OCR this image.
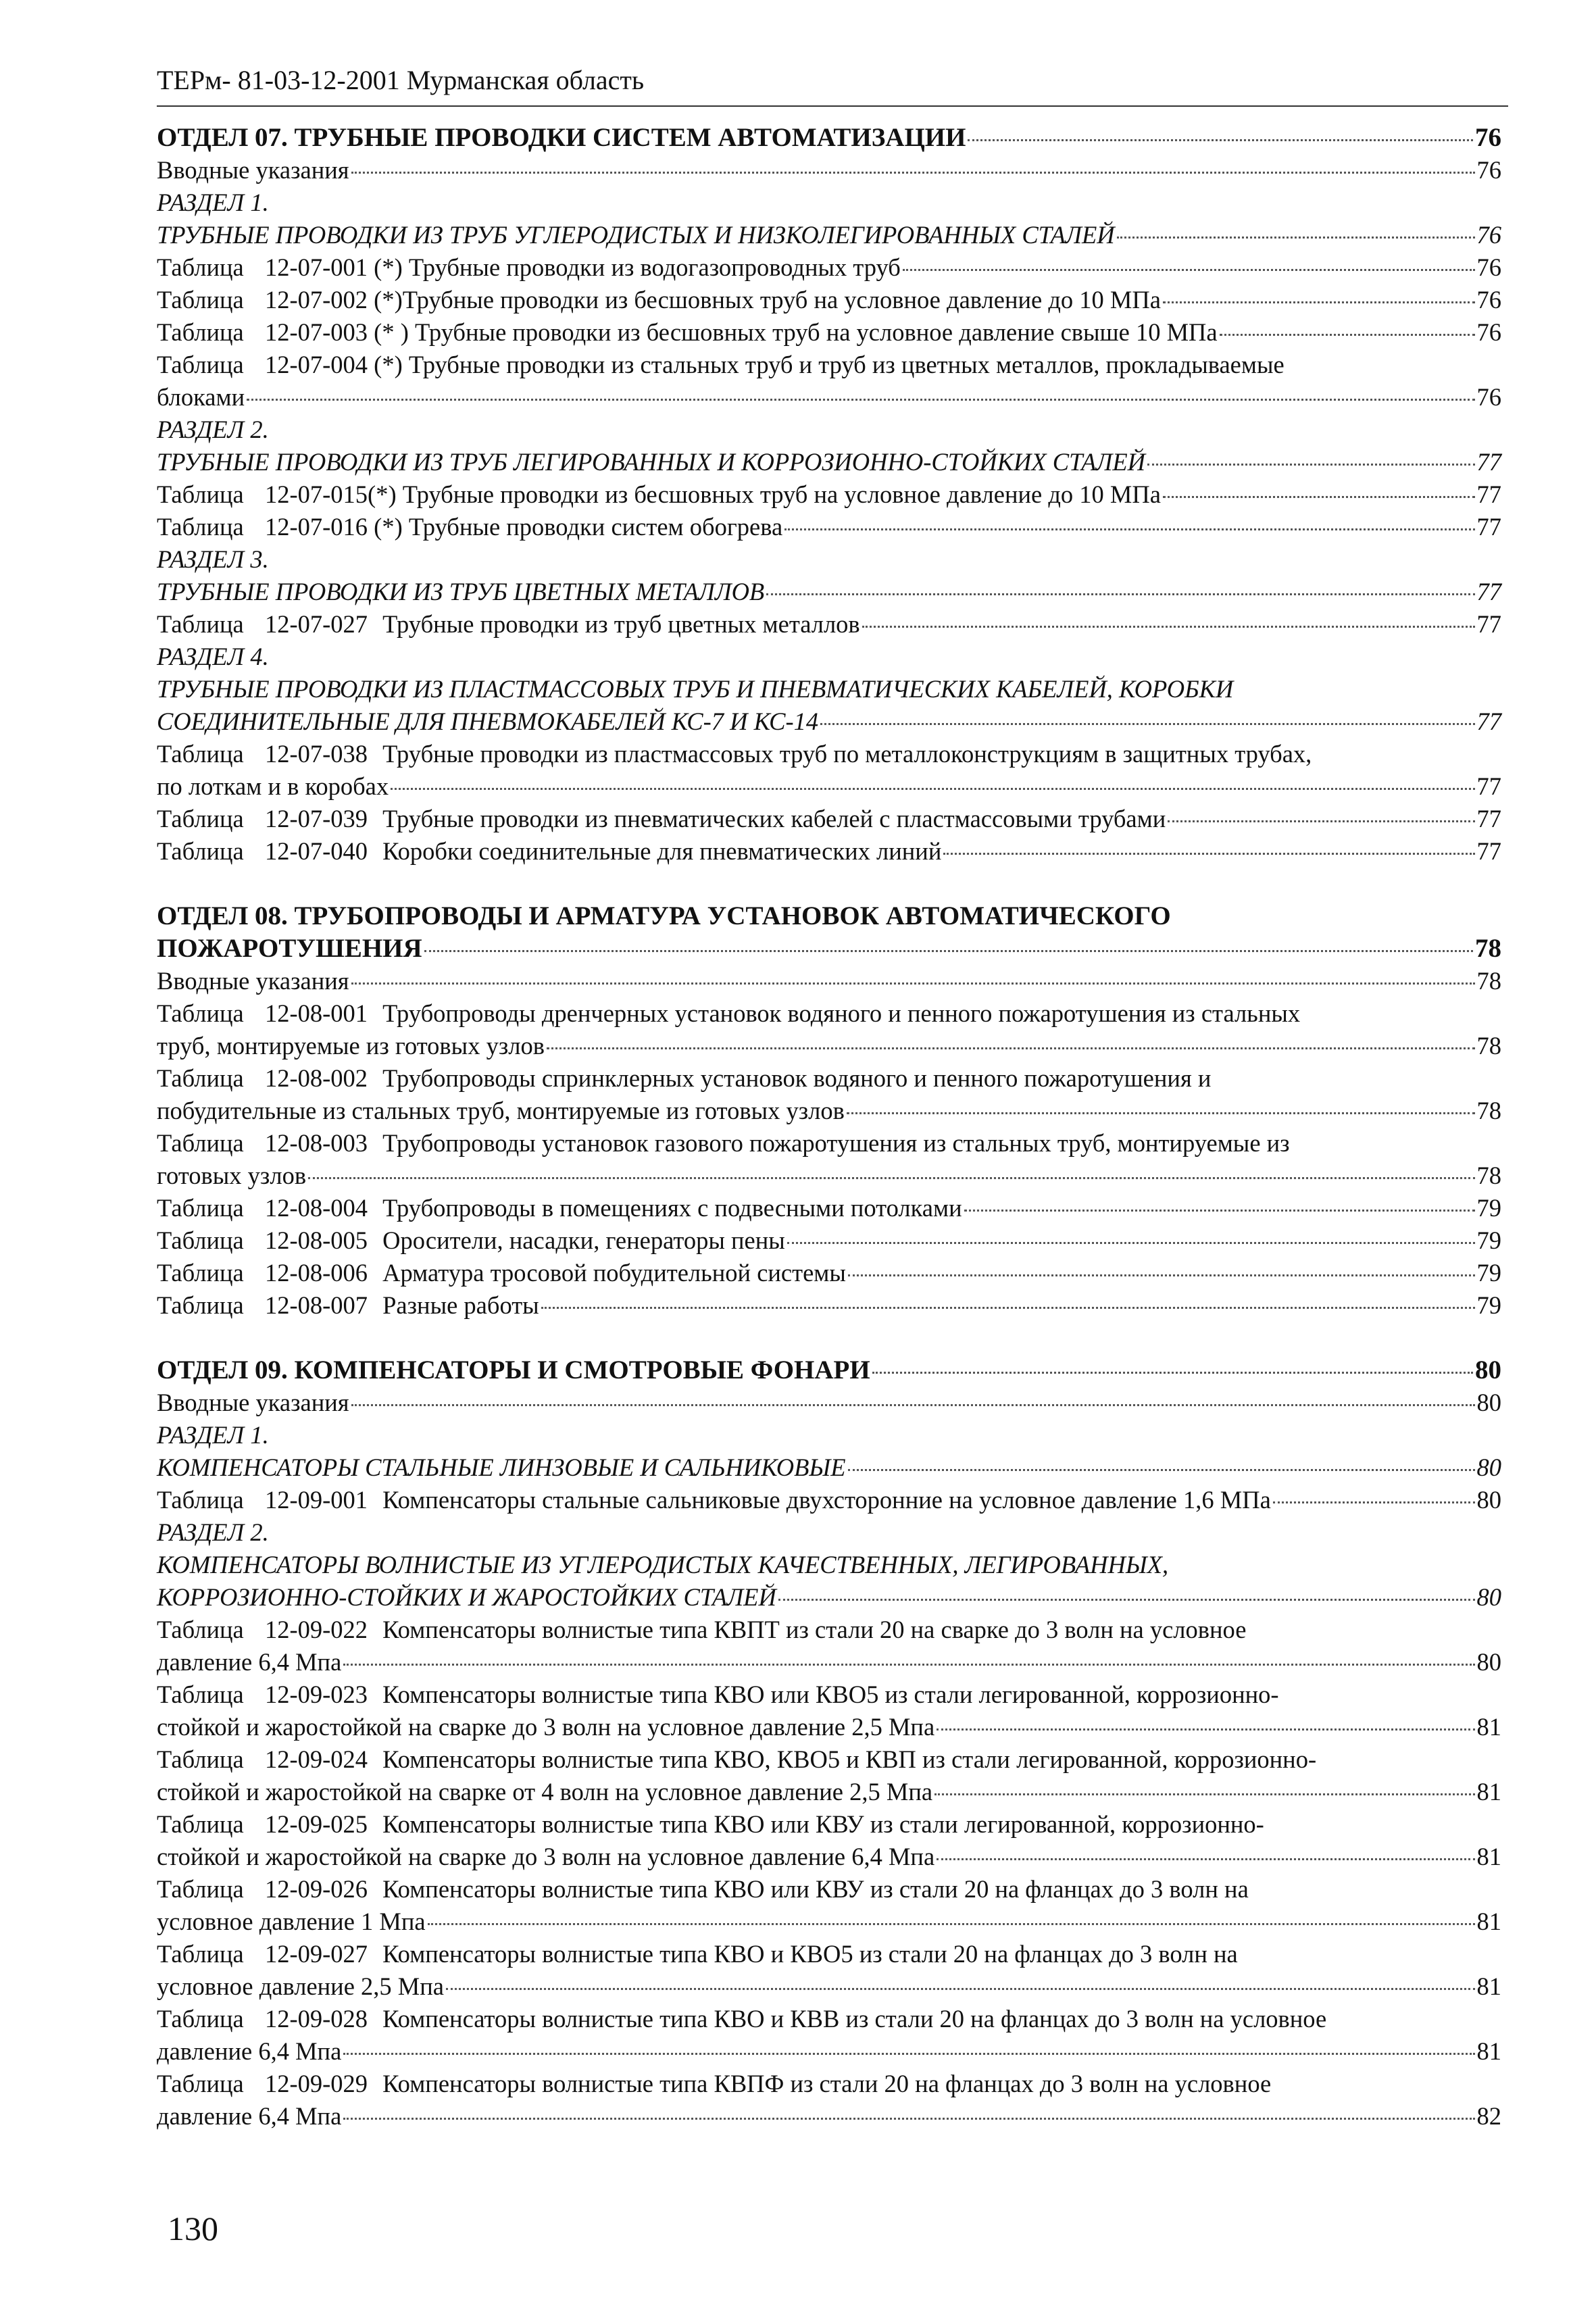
ТЕРм- 81-03-12-2001 Мурманская область
ОТДЕЛ 07. ТРУБНЫЕ ПРОВОДКИ СИСТЕМ АВТОМАТИЗАЦИИ	76
Вводные указания	76
РАЗДЕЛ 1.
ТРУБНЫЕ ПРОВОДКИ ИЗ ТРУБ УГЛЕРОДИСТЫХ И НИЗКОЛЕГИРОВАННЫХ СТАЛЕЙ	76
Таблица 12-07-001 (*) Трубные проводки из водогазопроводных труб	76
Таблица 12-07-002 (*)Трубные проводки из бесшовных труб на условное давление до 10 МПа	76
Таблица 12-07-003 (* ) Трубные проводки из бесшовных труб на условное давление свыше 10 МПа	76
Таблица 12-07-004 (*) Трубные проводки из стальных труб и труб из цветных металлов, прокладываемые
блоками	76
РАЗДЕЛ 2.
ТРУБНЫЕ ПРОВОДКИ ИЗ ТРУБ ЛЕГИРОВАННЫХ И КОРРОЗИОННО-СТОЙКИХ СТАЛЕЙ	77
Таблица 12-07-015(*) Трубные проводки из бесшовных труб на условное давление до 10 МПа	77
Таблица 12-07-016 (*) Трубные проводки систем обогрева	77
РАЗДЕЛ 3.
ТРУБНЫЕ ПРОВОДКИ ИЗ ТРУБ ЦВЕТНЫХ МЕТАЛЛОВ	77
Таблица 12-07-027 Трубные проводки из труб цветных металлов	77
РАЗДЕЛ 4.
ТРУБНЫЕ ПРОВОДКИ ИЗ ПЛАСТМАССОВЫХ ТРУБ И ПНЕВМАТИЧЕСКИХ КАБЕЛЕЙ, КОРОБКИ
СОЕДИНИТЕЛЬНЫЕ ДЛЯ ПНЕВМОКАБЕЛЕЙ КС-7 И КС-14	77
Таблица 12-07-038 Трубные проводки из пластмассовых труб по металлоконструкциям в защитных трубах,
по лоткам и в коробах	77
Таблица 12-07-039 Трубные проводки из пневматических кабелей с пластмассовыми трубами	77
Таблица 12-07-040 Коробки соединительные для пневматических линий	77
ОТДЕЛ 08. ТРУБОПРОВОДЫ И АРМАТУРА УСТАНОВОК АВТОМАТИЧЕСКОГО
ПОЖАРОТУШЕНИЯ	78
Вводные указания	78
Таблица 12-08-001 Трубопроводы дренчерных установок водяного и пенного пожаротушения из стальных
труб, монтируемые из готовых узлов	78
Таблица 12-08-002 Трубопроводы спринклерных установок водяного и пенного пожаротушения и
побудительные из стальных труб, монтируемые из готовых узлов	78
Таблица 12-08-003 Трубопроводы установок газового пожаротушения из стальных труб, монтируемые из
готовых узлов	78
Таблица 12-08-004 Трубопроводы в помещениях с подвесными потолками	79
Таблица 12-08-005 Оросители, насадки, генераторы пены	79
Таблица 12-08-006 Арматура тросовой побудительной системы	79
Таблица 12-08-007 Разные работы	79
ОТДЕЛ 09. КОМПЕНСАТОРЫ И СМОТРОВЫЕ ФОНАРИ	80
Вводные указания	80
РАЗДЕЛ 1.
КОМПЕНСАТОРЫ СТАЛЬНЫЕ ЛИНЗОВЫЕ И САЛЬНИКОВЫЕ	80
Таблица 12-09-001 Компенсаторы стальные сальниковые двухсторонние на условное давление 1,6 МПа	80
РАЗДЕЛ 2.
КОМПЕНСАТОРЫ ВОЛНИСТЫЕ ИЗ УГЛЕРОДИСТЫХ КАЧЕСТВЕННЫХ, ЛЕГИРОВАННЫХ,
КОРРОЗИОННО-СТОЙКИХ И ЖАРОСТОЙКИХ СТАЛЕЙ	80
Таблица 12-09-022 Компенсаторы волнистые типа КВПТ из стали 20 на сварке до 3 волн на условное
давление 6,4 Мпа	80
Таблица 12-09-023 Компенсаторы волнистые типа КВО или КВО5 из стали легированной, коррозионно-
стойкой и жаростойкой на сварке до 3 волн на условное давление 2,5 Мпа	81
Таблица 12-09-024 Компенсаторы волнистые типа КВО, КВО5 и КВП из стали легированной, коррозионно-
стойкой и жаростойкой на сварке от 4 волн на условное давление 2,5 Мпа	81
Таблица 12-09-025 Компенсаторы волнистые типа КВО или КВУ из стали легированной, коррозионно-
стойкой и жаростойкой на сварке до 3 волн на условное давление 6,4 Мпа	81
Таблица 12-09-026 Компенсаторы волнистые типа КВО или КВУ из стали 20 на фланцах до 3 волн на
условное давление 1 Мпа	81
Таблица 12-09-027 Компенсаторы волнистые типа КВО и КВО5 из стали 20 на фланцах до 3 волн на
условное давление 2,5 Мпа	81
Таблица 12-09-028 Компенсаторы волнистые типа КВО и КВВ из стали 20 на фланцах до 3 волн на условное
давление 6,4 Мпа	81
Таблица 12-09-029 Компенсаторы волнистые типа КВПФ из стали 20 на фланцах до 3 волн на условное
давление 6,4 Мпа	82
130
